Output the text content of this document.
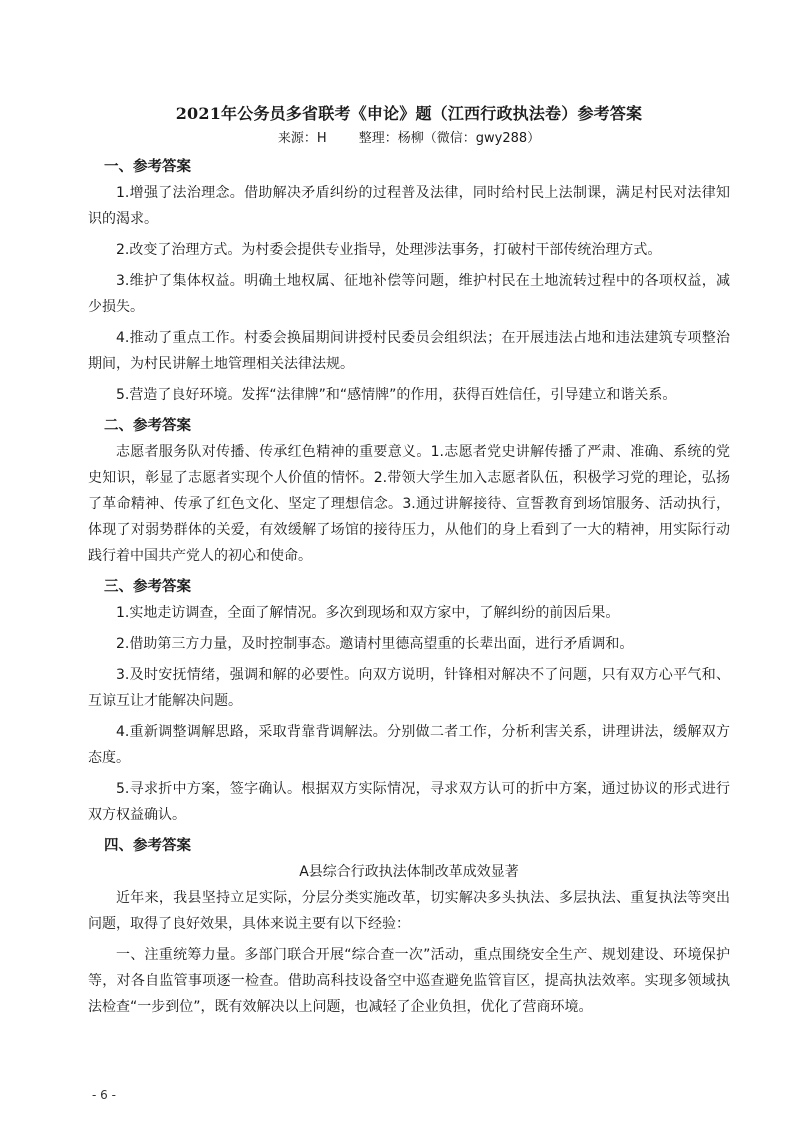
2021年公务员多省联考《申论》题（江西行政执法卷）参考答案

来源：H 整理：杨柳（微信：gwy288）

一、参考答案

1.增强了法治理念。借助解决矛盾纠纷的过程普及法律，同时给村民上法制课，满足村民对法律知识的渴求。

2.改变了治理方式。为村委会提供专业指导，处理涉法事务，打破村干部传统治理方式。

3.维护了集体权益。明确土地权属、征地补偿等问题，维护村民在土地流转过程中的各项权益，减少损失。

4.推动了重点工作。村委会换届期间讲授村民委员会组织法；在开展违法占地和违法建筑专项整治期间，为村民讲解土地管理相关法律法规。

5.营造了良好环境。发挥“法律牌”和“感情牌”的作用，获得百姓信任，引导建立和谐关系。

二、参考答案

志愿者服务队对传播、传承红色精神的重要意义。1.志愿者党史讲解传播了严肃、准确、系统的党史知识，彰显了志愿者实现个人价值的情怀。2.带领大学生加入志愿者队伍，积极学习党的理论，弘扬了革命精神、传承了红色文化、坚定了理想信念。3.通过讲解接待、宣誓教育到场馆服务、活动执行，体现了对弱势群体的关爱，有效缓解了场馆的接待压力，从他们的身上看到了一大的精神，用实际行动践行着中国共产党人的初心和使命。

三、参考答案

1.实地走访调查，全面了解情况。多次到现场和双方家中，了解纠纷的前因后果。

2.借助第三方力量，及时控制事态。邀请村里德高望重的长辈出面，进行矛盾调和。

3.及时安抚情绪，强调和解的必要性。向双方说明，针锋相对解决不了问题，只有双方心平气和、互谅互让才能解决问题。

4.重新调整调解思路，采取背靠背调解法。分别做二者工作，分析利害关系，讲理讲法，缓解双方态度。

5.寻求折中方案，签字确认。根据双方实际情况，寻求双方认可的折中方案，通过协议的形式进行双方权益确认。

四、参考答案

A县综合行政执法体制改革成效显著

近年来，我县坚持立足实际，分层分类实施改革，切实解决多头执法、多层执法、重复执法等突出问题，取得了良好效果，具体来说主要有以下经验：

一、注重统筹力量。多部门联合开展“综合查一次”活动，重点围绕安全生产、规划建设、环境保护等，对各自监管事项逐一检查。借助高科技设备空中巡查避免监管盲区，提高执法效率。实现多领域执法检查“一步到位”，既有效解决以上问题，也减轻了企业负担，优化了营商环境。

- 6 -
